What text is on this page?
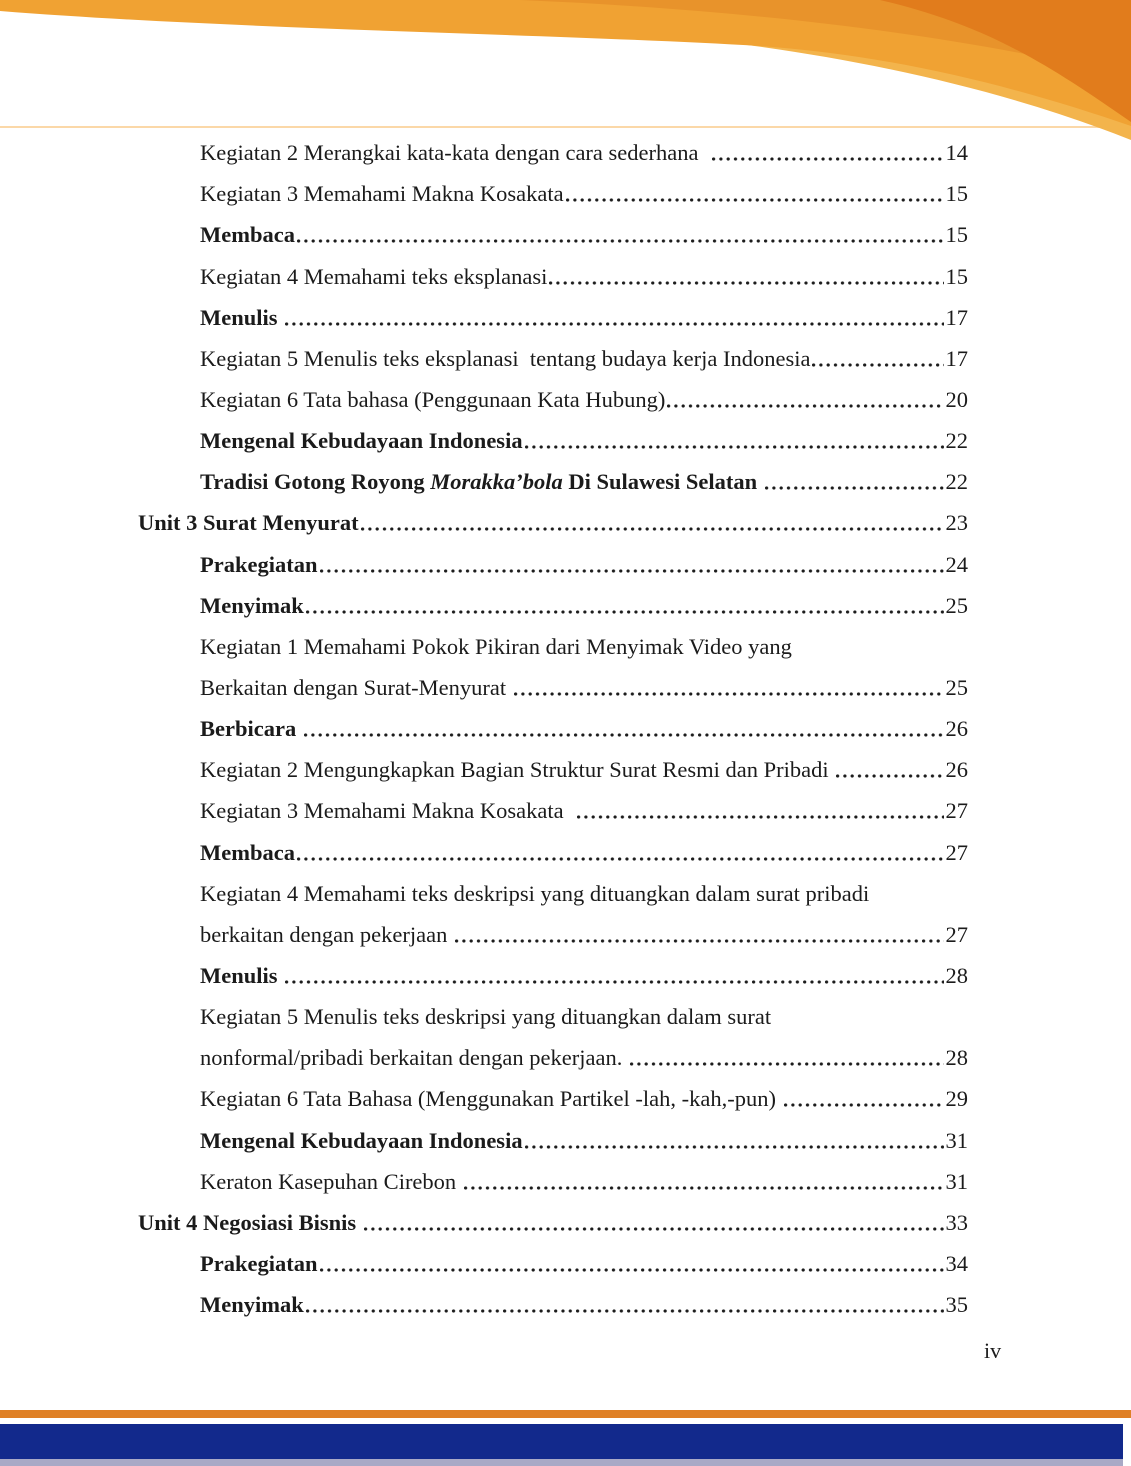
Kegiatan 2 Merangkai kata-kata dengan cara sederhana	14
Kegiatan 3 Memahami Makna Kosakata	15
Membaca	15
Kegiatan 4 Memahami teks eksplanasi	15
Menulis	17
Kegiatan 5 Menulis teks eksplanasi  tentang budaya kerja Indonesia	17
Kegiatan 6 Tata bahasa (Penggunaan Kata Hubung)	20
Mengenal Kebudayaan Indonesia	22
Tradisi Gotong Royong Morakka’bola Di Sulawesi Selatan	22
Unit 3 Surat Menyurat	23
Prakegiatan	24
Menyimak	25
Kegiatan 1 Memahami Pokok Pikiran dari Menyimak Video yang
Berkaitan dengan Surat-Menyurat	25
Berbicara	26
Kegiatan 2 Mengungkapkan Bagian Struktur Surat Resmi dan Pribadi	26
Kegiatan 3 Memahami Makna Kosakata	27
Membaca	27
Kegiatan 4 Memahami teks deskripsi yang dituangkan dalam surat pribadi
berkaitan dengan pekerjaan	27
Menulis	28
Kegiatan 5 Menulis teks deskripsi yang dituangkan dalam surat
nonformal/pribadi berkaitan dengan pekerjaan.	28
Kegiatan 6 Tata Bahasa (Menggunakan Partikel -lah, -kah,-pun)	29
Mengenal Kebudayaan Indonesia	31
Keraton Kasepuhan Cirebon	31
Unit 4 Negosiasi Bisnis	33
Prakegiatan	34
Menyimak	35
iv
